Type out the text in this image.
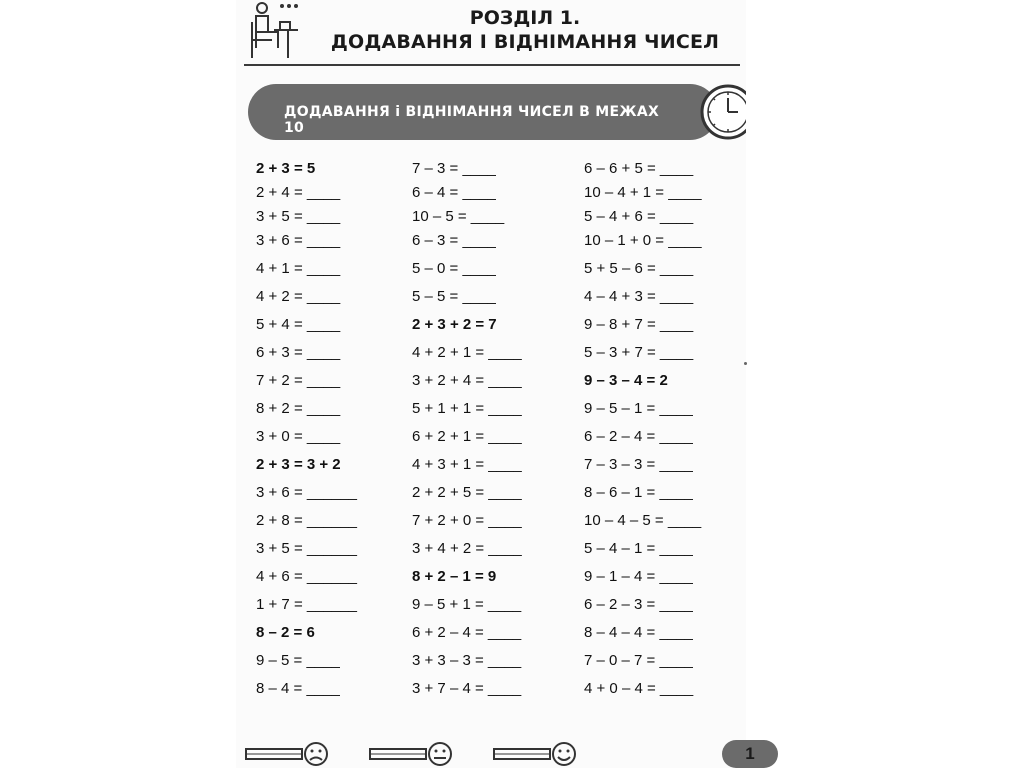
РОЗДІЛ 1.
ДОДАВАННЯ І ВІДНІМАННЯ ЧИСЕЛ
ДОДАВАННЯ і ВІДНІМАННЯ ЧИСЕЛ В МЕЖАХ 10
2 + 3 = 5
2 + 4 = ____
3 + 5 = ____
3 + 6 = ____
4 + 1 = ____
4 + 2 = ____
5 + 4 = ____
6 + 3 = ____
7 + 2 = ____
8 + 2 = ____
3 + 0 = ____
2 + 3 = 3 + 2
3 + 6 = ______
2 + 8 = ______
3 + 5 = ______
4 + 6 = ______
1 + 7 = ______
8 – 2 = 6
9 – 5 = ____
8 – 4 = ____
7 – 3 = ____
6 – 4 = ____
10 – 5 = ____
6 – 3 = ____
5 – 0 = ____
5 – 5 = ____
2 + 3 + 2 = 7
4 + 2 + 1 = ____
3 + 2 + 4 = ____
5 + 1 + 1 = ____
6 + 2 + 1 = ____
4 + 3 + 1 = ____
2 + 2 + 5 = ____
7 + 2 + 0 = ____
3 + 4 + 2 = ____
8 + 2 – 1 = 9
9 – 5 + 1 = ____
6 + 2 – 4 = ____
3 + 3 – 3 = ____
3 + 7 – 4 = ____
6 – 6 + 5 = ____
10 – 4 + 1 = ____
5 – 4 + 6 = ____
10 – 1 + 0 = ____
5 + 5 – 6 = ____
4 – 4 + 3 = ____
9 – 8 + 7 = ____
5 – 3 + 7 = ____
9 – 3 – 4 = 2
9 – 5 – 1 = ____
6 – 2 – 4 = ____
7 – 3 – 3 = ____
8 – 6 – 1 = ____
10 – 4 – 5 = ____
5 – 4 – 1 = ____
9 – 1 – 4 = ____
6 – 2 – 3 = ____
8 – 4 – 4 = ____
7 – 0 – 7 = ____
4 + 0 – 4 = ____
1
